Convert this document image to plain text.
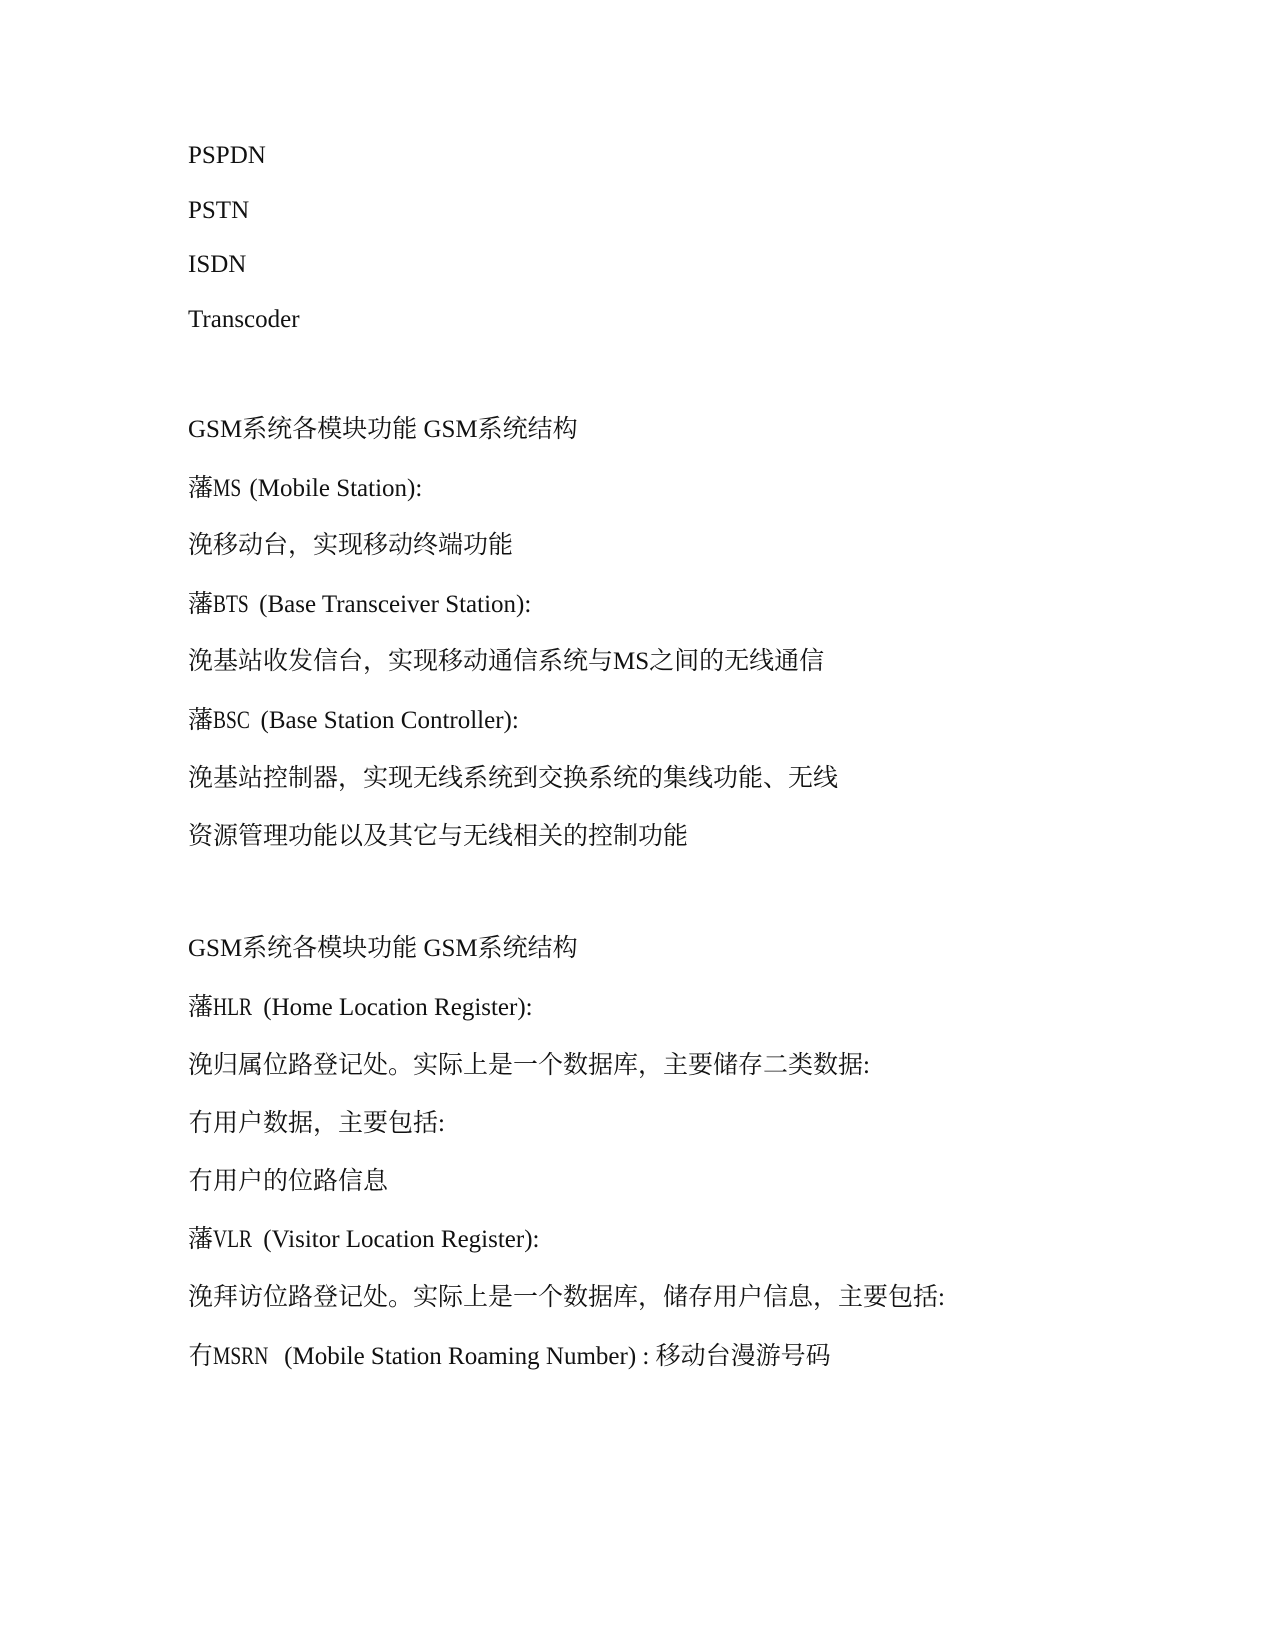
PSPDN
PSTN
ISDN
Transcoder
GSM系统各模块功能 GSM系统结构
藩MS (Mobile Station):
浼移动台，实现移动终端功能
藩BTS (Base Transceiver Station):
浼基站收发信台，实现移动通信系统与MS之间的无线通信
藩BSC (Base Station Controller):
浼基站控制器，实现无线系统到交换系统的集线功能、无线
资源管理功能以及其它与无线相关的控制功能
GSM系统各模块功能 GSM系统结构
藩HLR (Home Location Register):
浼归属位路登记处。实际上是一个数据库，主要储存二类数据:
冇用户数据，主要包括:
冇用户的位路信息
藩VLR (Visitor Location Register):
浼拜访位路登记处。实际上是一个数据库，储存用户信息，主要包括:
冇MSRN (Mobile Station Roaming Number) : 移动台漫游号码
